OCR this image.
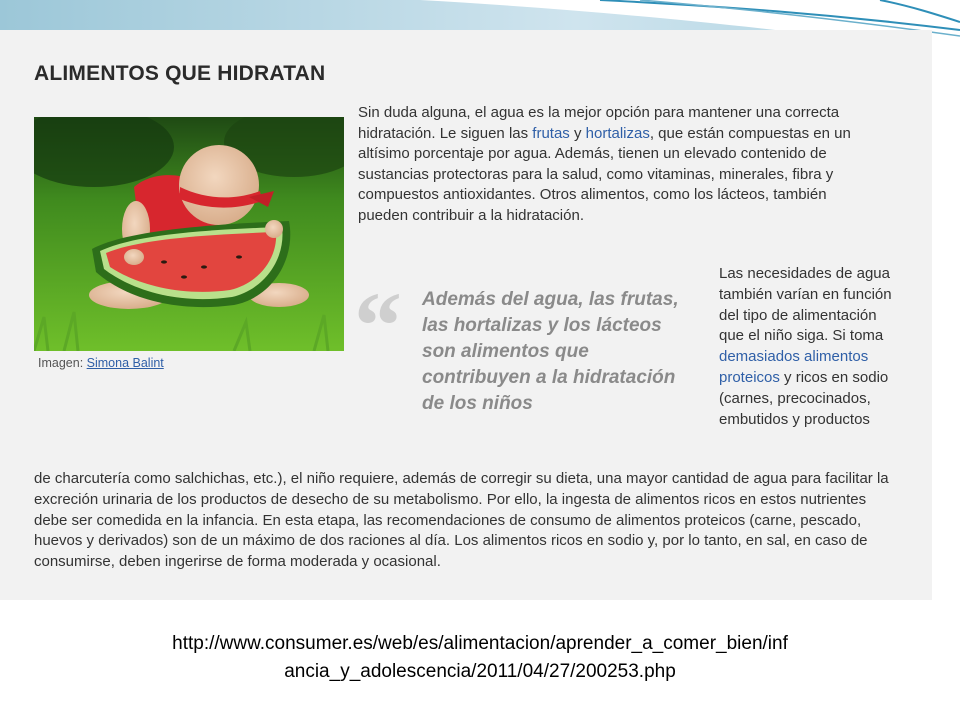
ALIMENTOS QUE HIDRATAN

Sin duda alguna, el agua es la mejor opción para mantener una correcta hidratación. Le siguen las frutas y hortalizas, que están compuestas en un altísimo porcentaje por agua. Además, tienen un elevado contenido de sustancias protectoras para la salud, como vitaminas, minerales, fibra y compuestos antioxidantes. Otros alimentos, como los lácteos, también pueden contribuir a la hidratación.

Imagen: Simona Balint “ Además del agua, las frutas, las hortalizas y los lácteos son alimentos que contribuyen a la hidratación de los niños

Las necesidades de agua también varían en función del tipo de alimentación que el niño siga. Si toma demasiados alimentos proteicos y ricos en sodio (carnes, precocinados, embutidos y productos

de charcutería como salchichas, etc.), el niño requiere, además de corregir su dieta, una mayor cantidad de agua para facilitar la excreción urinaria de los productos de desecho de su metabolismo. Por ello, la ingesta de alimentos ricos en estos nutrientes debe ser comedida en la infancia. En esta etapa, las recomendaciones de consumo de alimentos proteicos (carne, pescado, huevos y derivados) son de un máximo de dos raciones al día. Los alimentos ricos en sodio y, por lo tanto, en sal, en caso de consumirse, deben ingerirse de forma moderada y ocasional.

http://www.consumer.es/web/es/alimentacion/aprender_a_comer_bien/inf
ancia_y_adolescencia/2011/04/27/200253.php
